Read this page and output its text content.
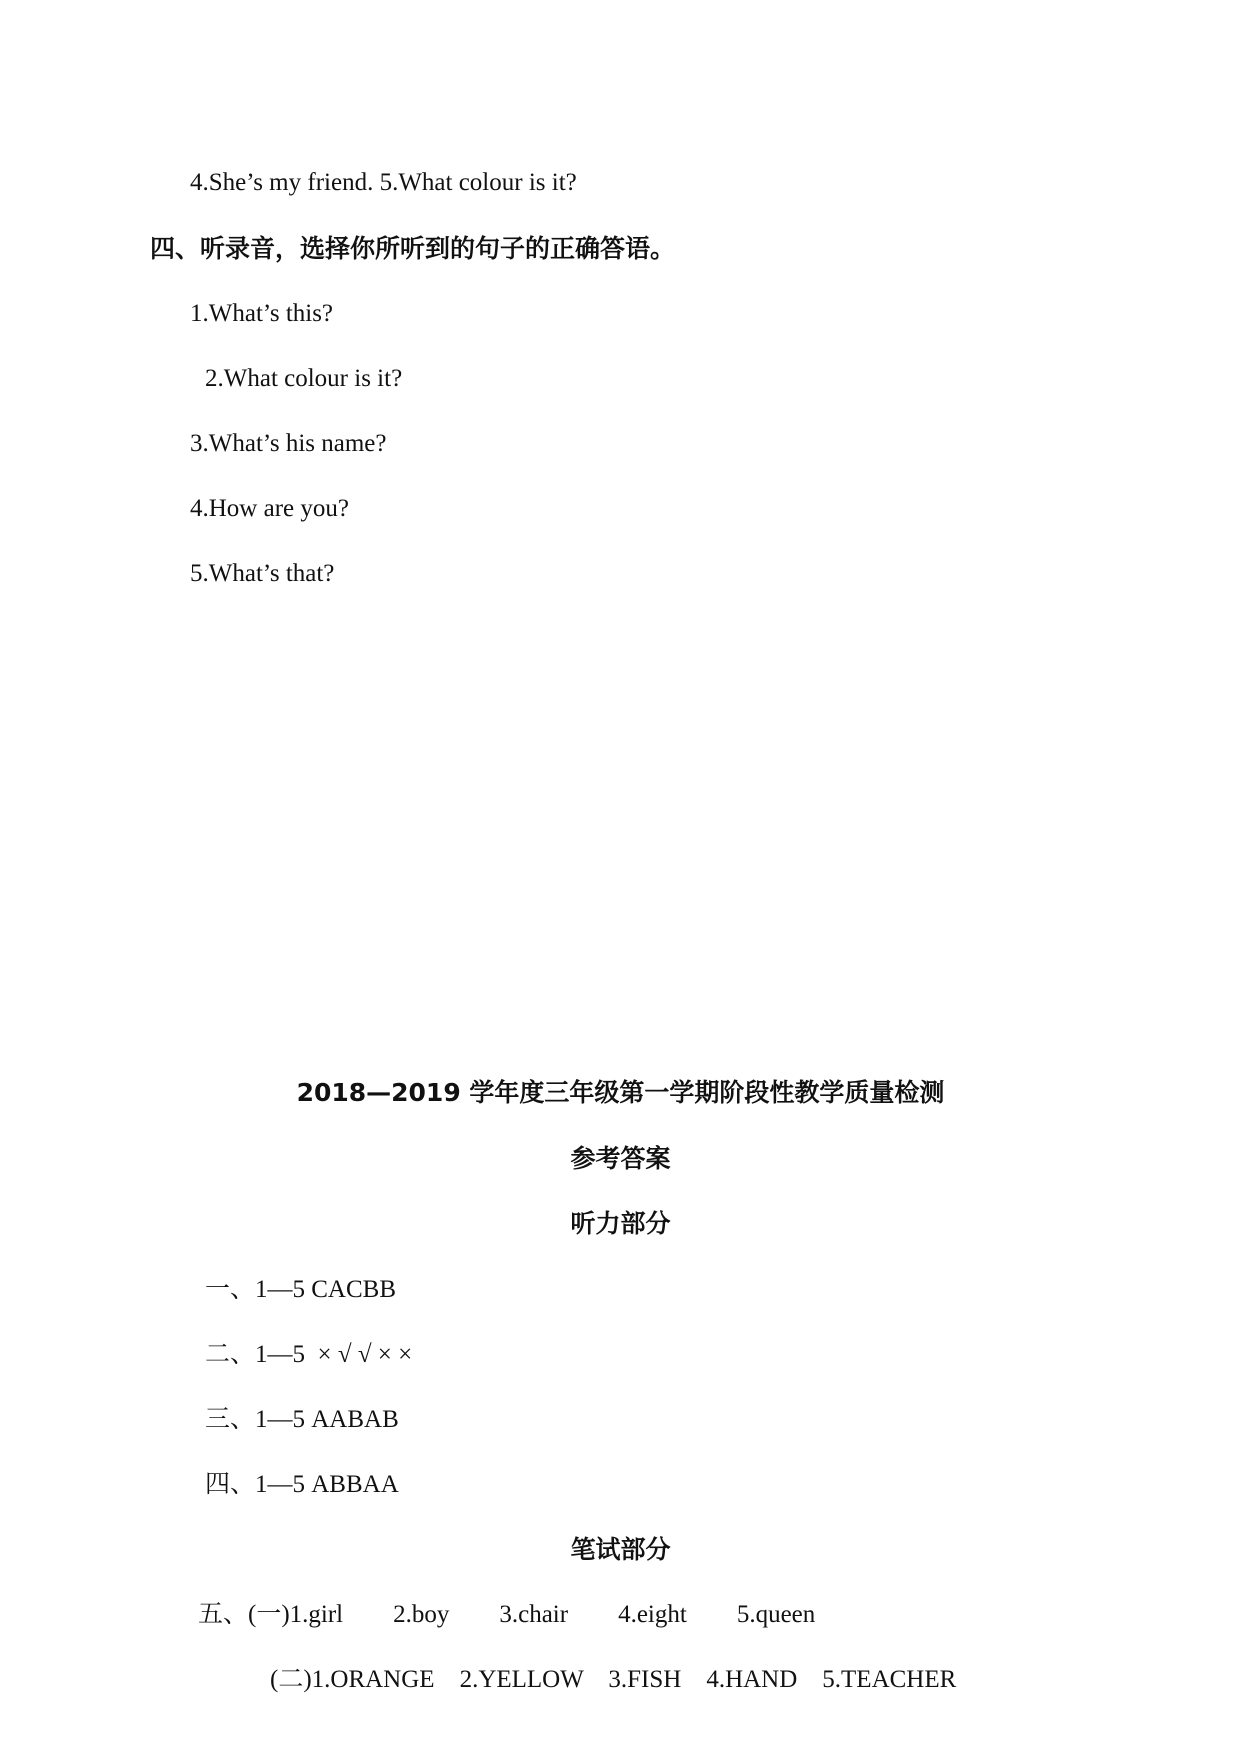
4.She’s my friend. 5.What colour is it?
四、听录音，选择你所听到的句子的正确答语。
1.What’s this?
2.What colour is it?
3.What’s his name?
4.How are you?
5.What’s that?
2018—2019 学年度三年级第一学期阶段性教学质量检测
参考答案
听力部分
一、1—5 CACBB
二、1—5  × √ √ × ×
三、1—5 AABAB
四、1—5 ABBAA
笔试部分
五、(一)1.girl        2.boy        3.chair        4.eight        5.queen
(二)1.ORANGE    2.YELLOW    3.FISH    4.HAND    5.TEACHER
